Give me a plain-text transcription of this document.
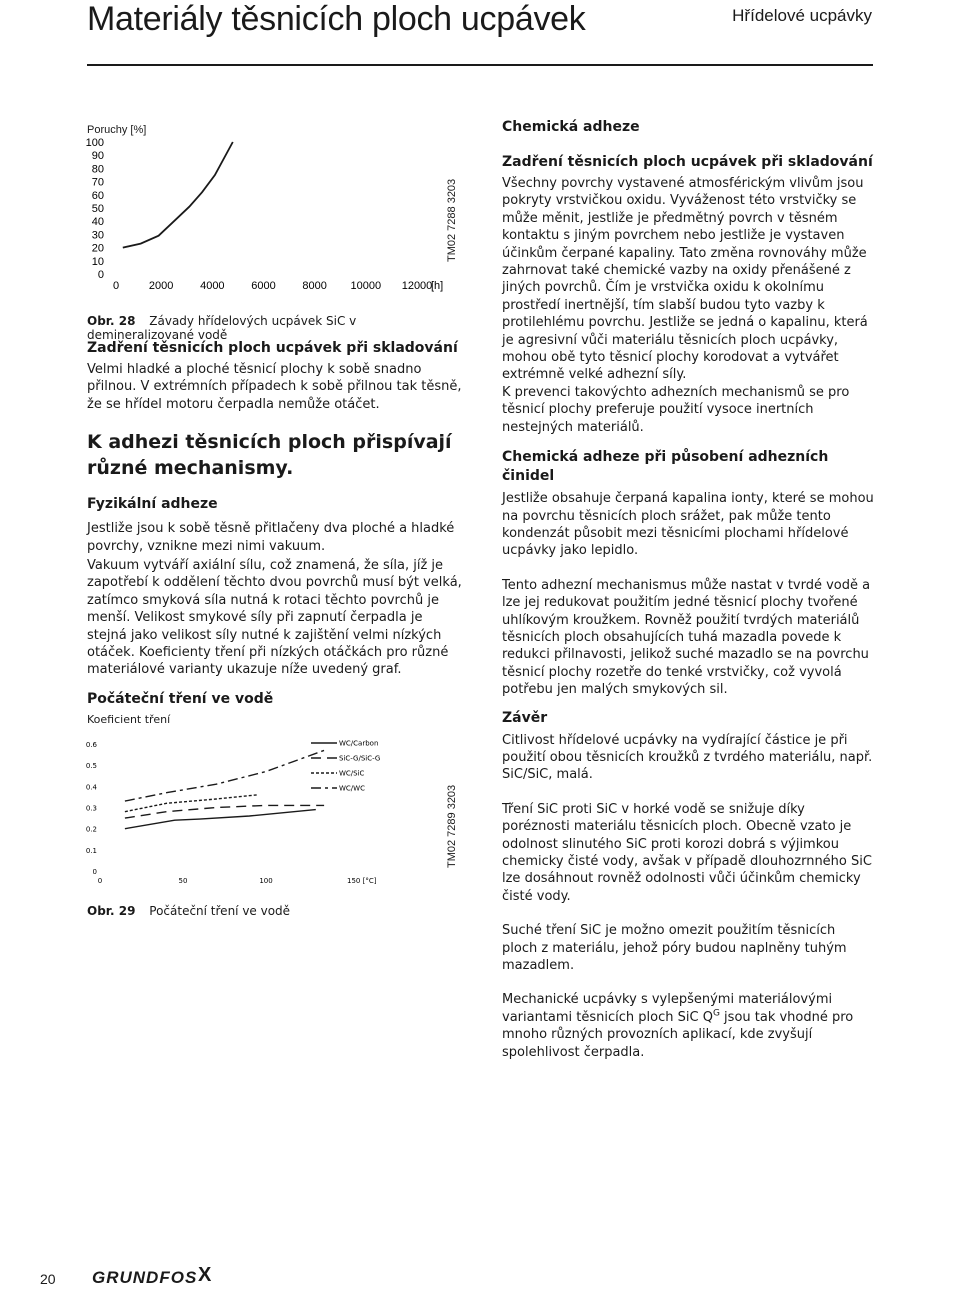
Materiály těsnicích ploch ucpávek	Hřídelové ucpávky
Poruchy [%]
100
90
80
70
60
50
40
30
20
10
0
0	2000 4000 6000 8000 10000 12000
[h]
Obr. 28 Závady hřídelových ucpávek SiC v demineralizované vodě
TM02 7288 3203
Zadření těsnicích ploch ucpávek při skladování
Velmi hladké a ploché těsnicí plochy k sobě snadno přilnou. V extrémních případech k sobě přilnou tak těsně, že se hřídel motoru čerpadla nemůže otáčet.
K adhezi těsnicích ploch přispívají různé mechanismy.
Fyzikální adheze
Jestliže jsou k sobě těsně přitlačeny dva ploché a hladké povrchy, vznikne mezi nimi vakuum.
Vakuum vytváří axiální sílu, což znamená, že síla, jíž je zapotřebí k oddělení těchto dvou povrchů musí být velká, zatímco smyková síla nutná k rotaci těchto povrchů je menší. Velikost smykové síly při zapnutí čerpadla je stejná jako velikost síly nutné k zajištění velmi nízkých otáček. Koeficienty tření při nízkých otáčkách pro různé materiálové varianty ukazuje níže uvedený graf.
Počáteční tření ve vodě
Koeficient tření
0.6
0.5
0.4
0.3
0.2
0.1
0
0	50	100	150 [°C]
WC/Carbon
SiC-G/SiC-G
WC/SiC
WC/WC
Obr. 29 Počáteční tření ve vodě
TM02 7289 3203
Chemická adheze
Zadření těsnicích ploch ucpávek při skladování
Všechny povrchy vystavené atmosférickým vlivům jsou pokryty vrstvičkou oxidu. Vyváženost této vrstvičky se může měnit, jestliže je předmětný povrch v těsném kontaktu s jiným povrchem nebo jestliže je vystaven účinkům čerpané kapaliny. Tato změna rovnováhy může zahrnovat také chemické vazby na oxidy přenášené z jiných povrchů. Čím je vrstvička oxidu k okolnímu prostředí inertnější, tím slabší budou tyto vazby k protilehlému povrchu. Jestliže se jedná o kapalinu, která je agresivní vůči materiálu těsnicích ploch ucpávky, mohou obě tyto těsnicí plochy korodovat a vytvářet extrémně velké adhezní síly.
K prevenci takovýchto adhezních mechanismů se pro těsnicí plochy preferuje použití vysoce inertních nestejných materiálů.
Chemická adheze při působení adhezních činidel
Jestliže obsahuje čerpaná kapalina ionty, které se mohou na povrchu těsnicích ploch srážet, pak může tento kondenzát působit mezi těsnicími plochami hřídelové ucpávky jako lepidlo.
Tento adhezní mechanismus může nastat v tvrdé vodě a lze jej redukovat použitím jedné těsnicí plochy tvořené uhlíkovým kroužkem. Rovněž použití tvrdých materiálů těsnicích ploch obsahujících tuhá mazadla povede k redukci přilnavosti, jelikož suché mazadlo se na povrchu těsnicí plochy rozetře do tenké vrstvičky, což vyvolá potřebu jen malých smykových sil.
Závěr
Citlivost hřídelové ucpávky na vydírající částice je při použití obou těsnicích kroužků z tvrdého materiálu, např. SiC/SiC, malá.
Tření SiC proti SiC v horké vodě se snižuje díky poréznosti materiálu těsnicích ploch. Obecně vzato je odolnost slinutého SiC proti korozi dobrá s výjimkou chemicky čisté vody, avšak v případě dlouhozrnného SiC lze dosáhnout rovněž odolnosti vůči účinkům chemicky čisté vody.
Suché tření SiC je možno omezit použitím těsnicích ploch z materiálu, jehož póry budou naplněny tuhým mazadlem.
Mechanické ucpávky s vylepšenými materiálovými variantami těsnicích ploch SiC $Q^G$ jsou tak vhodné pro mnoho různých provozních aplikací, kde zvyšují spolehlivost čerpadla.
20 GRUNDFOS X
